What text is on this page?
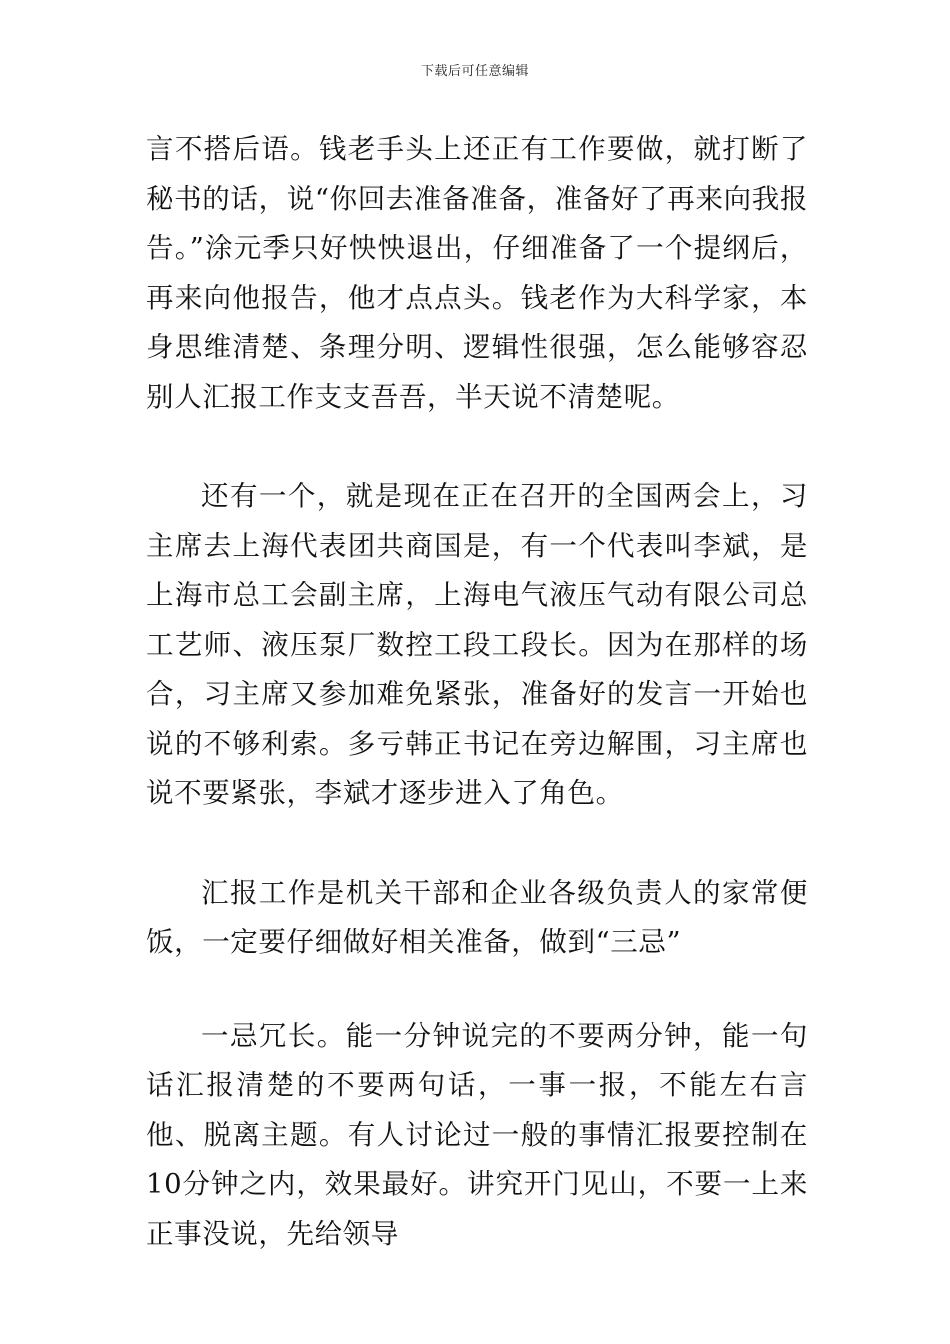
下载后可任意编辑

言不搭后语。钱老手头上还正有工作要做，就打断了秘书的话，说“你回去准备准备，准备好了再来向我报告。”涂元季只好怏怏退出，仔细准备了一个提纲后，再来向他报告，他才点点头。钱老作为大科学家，本身思维清楚、条理分明、逻辑性很强，怎么能够容忍别人汇报工作支支吾吾，半天说不清楚呢。

还有一个，就是现在正在召开的全国两会上，习主席去上海代表团共商国是，有一个代表叫李斌，是上海市总工会副主席，上海电气液压气动有限公司总工艺师、液压泵厂数控工段工段长。因为在那样的场合，习主席又参加难免紧张，准备好的发言一开始也说的不够利索。多亏韩正书记在旁边解围，习主席也说不要紧张，李斌才逐步进入了角色。

汇报工作是机关干部和企业各级负责人的家常便饭，一定要仔细做好相关准备，做到“三忌”

一忌冗长。能一分钟说完的不要两分钟，能一句话汇报清楚的不要两句话，一事一报，不能左右言他、脱离主题。有人讨论过一般的事情汇报要控制在10分钟之内，效果最好。讲究开门见山，不要一上来正事没说，先给领导
